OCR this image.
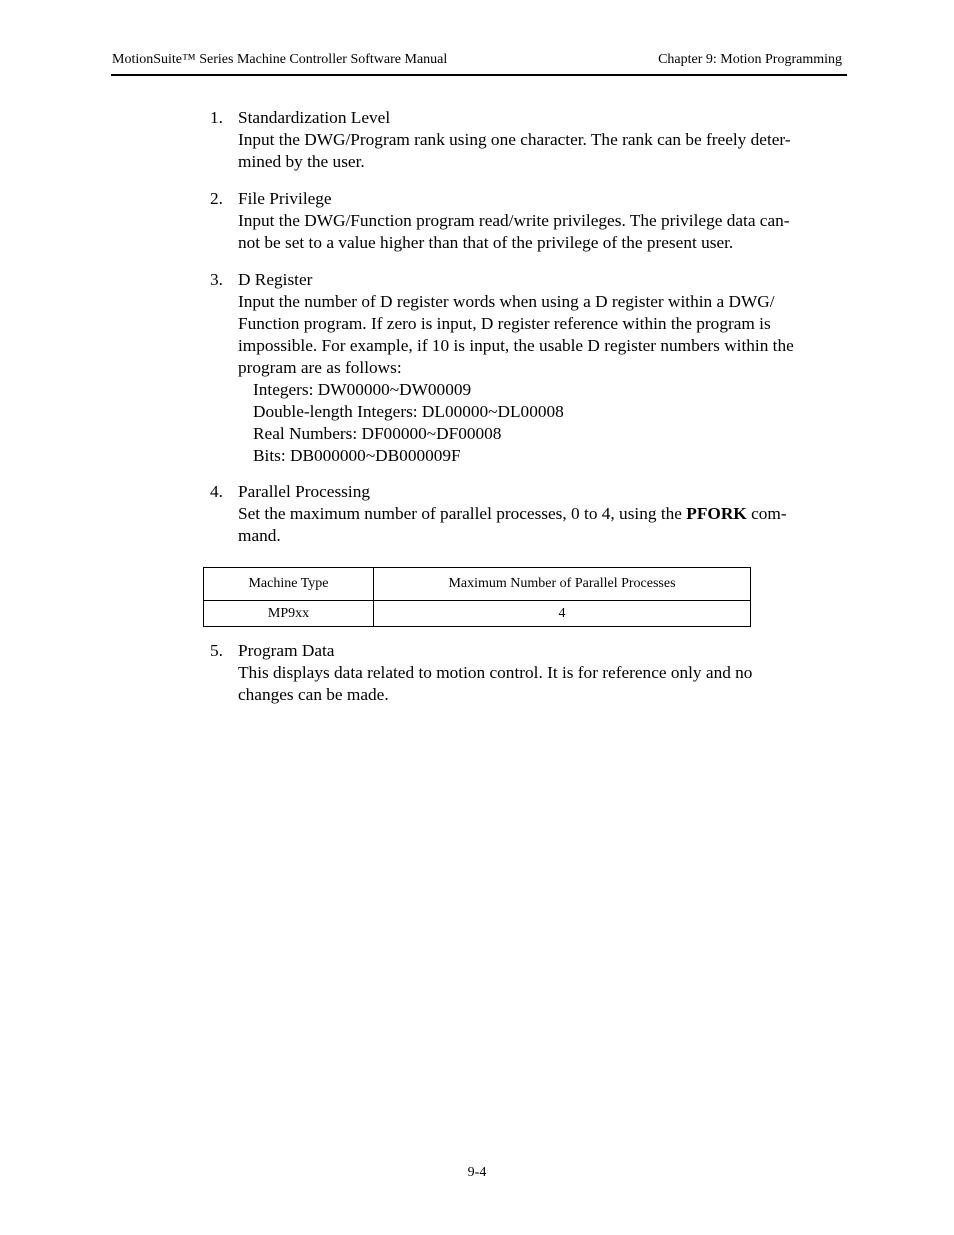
MotionSuite™ Series Machine Controller Software Manual	Chapter 9: Motion Programming
1. Standardization Level
Input the DWG/Program rank using one character. The rank can be freely deter-
mined by the user.
2. File Privilege
Input the DWG/Function program read/write privileges. The privilege data can-
not be set to a value higher than that of the privilege of the present user.
3. D Register
Input the number of D register words when using a D register within a DWG/
Function program. If zero is input, D register reference within the program is
impossible. For example, if 10 is input, the usable D register numbers within the
program are as follows:
Integers: DW00000~DW00009
Double-length Integers: DL00000~DL00008
Real Numbers: DF00000~DF00008
Bits: DB000000~DB000009F
4. Parallel Processing
Set the maximum number of parallel processes, 0 to 4, using the PFORK com-
mand.
Machine Type	Maximum Number of Parallel Processes
MP9xx	4
5. Program Data
This displays data related to motion control. It is for reference only and no
changes can be made.
9-4
